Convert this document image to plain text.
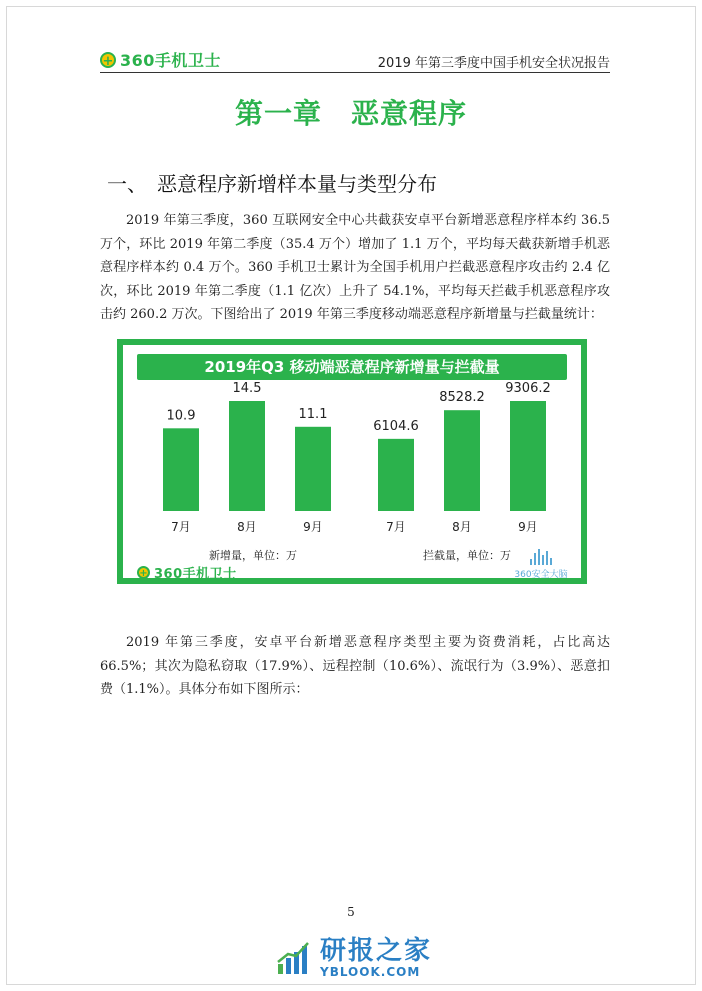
+ 360手机卫士	2019 年第三季度中国手机安全状况报告
第一章　恶意程序
一、 恶意程序新增样本量与类型分布

2019 年第三季度，360 互联网安全中心共截获安卓平台新增恶意程序样本约 36.5 万个，环比 2019 年第二季度（35.4 万个）增加了 1.1 万个，平均每天截获新增手机恶意程序样本约 0.4 万个。360 手机卫士累计为全国手机用户拦截恶意程序攻击约 2.4 亿次，环比 2019 年第二季度（1.1 亿次）上升了 54.1%，平均每天拦截手机恶意程序攻击约 260.2 万次。下图给出了 2019 年第三季度移动端恶意程序新增量与拦截量统计：

2019年Q3 移动端恶意程序新增量与拦截量
10.9
7月
14.5
8月
11.1
9月
新增量，单位：万
6104.6
7月
8528.2
8月
9306.2
9月
拦截量，单位：万
+ 360手机卫士	360安全大脑

2019 年第三季度，安卓平台新增恶意程序类型主要为资费消耗，占比高达 66.5%；其次为隐私窃取（17.9%）、远程控制（10.6%）、流氓行为（3.9%）、恶意扣费（1.1%）。具体分布如下图所示：

5
研报之家
YBLOOK.COM
